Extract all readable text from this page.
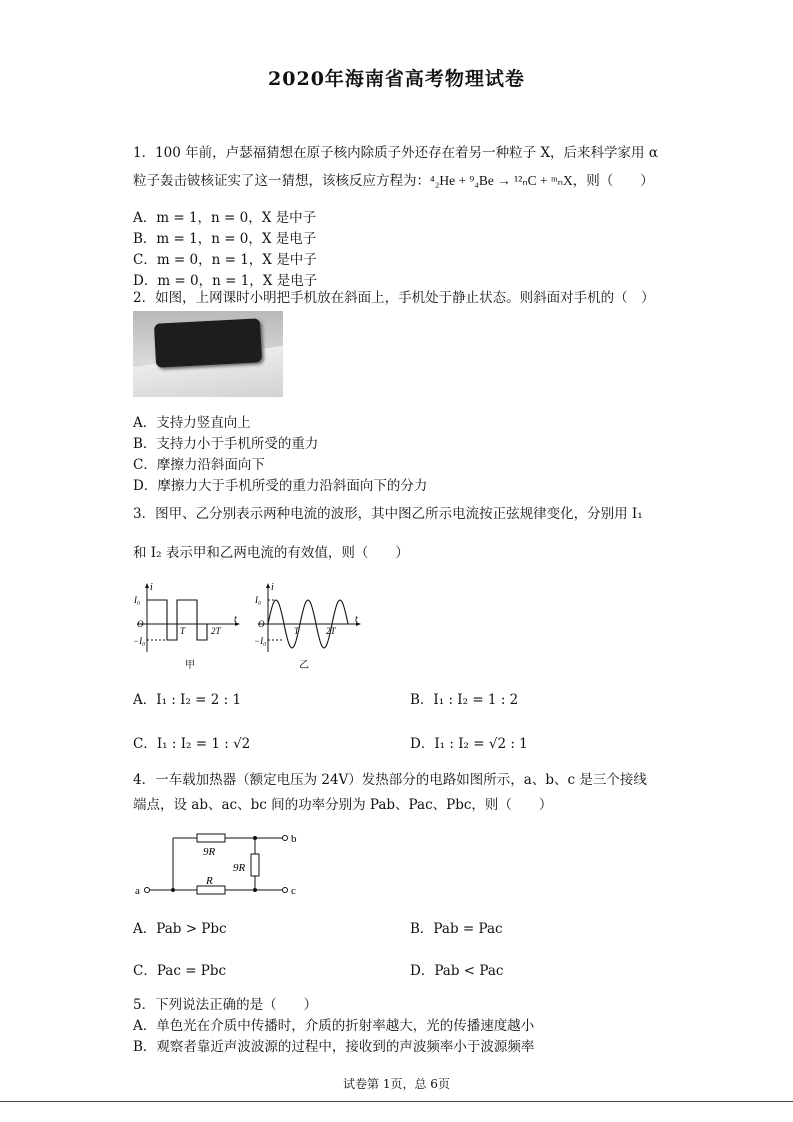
2020年海南省高考物理试卷
1．100 年前，卢瑟福猜想在原子核内除质子外还存在着另一种粒子 X，后来科学家用 α
粒子轰击铍核证实了这一猜想，该核反应方程为：⁴₂He + ⁹₄Be → ¹²ₙC + ᵐₙX，则（　　）
A．m = 1，n = 0，X 是中子
B．m = 1，n = 0，X 是电子
C．m = 0，n = 1，X 是中子
D．m = 0，n = 1，X 是电子
2．如图，上网课时小明把手机放在斜面上，手机处于静止状态。则斜面对手机的（　）
A．支持力竖直向上
B．支持力小于手机所受的重力
C．摩擦力沿斜面向下
D．摩擦力大于手机所受的重力沿斜面向下的分力
3．图甲、乙分别表示两种电流的波形，其中图乙所示电流按正弦规律变化，分别用 I₁
和 I₂ 表示甲和乙两电流的有效值，则（　　）
i
t
I₀
O
−I₀
T	2T
甲
i
t
I₀
O
−I₀
T	2T
乙
A．I₁ : I₂ = 2 : 1	B．I₁ : I₂ = 1 : 2
C．I₁ : I₂ = 1 : √2	D．I₁ : I₂ = √2 : 1
4．一车载加热器（额定电压为 24V）发热部分的电路如图所示，a、b、c 是三个接线
端点，设 ab、ac、bc 间的功率分别为 Pab、Pac、Pbc，则（　　）
9R
9R
R
a
b
c
A．Pab > Pbc	B．Pab = Pac
C．Pac = Pbc	D．Pab < Pac
5．下列说法正确的是（　　）
A．单色光在介质中传播时，介质的折射率越大，光的传播速度越小
B．观察者靠近声波波源的过程中，接收到的声波频率小于波源频率
试卷第 1页，总 6页
